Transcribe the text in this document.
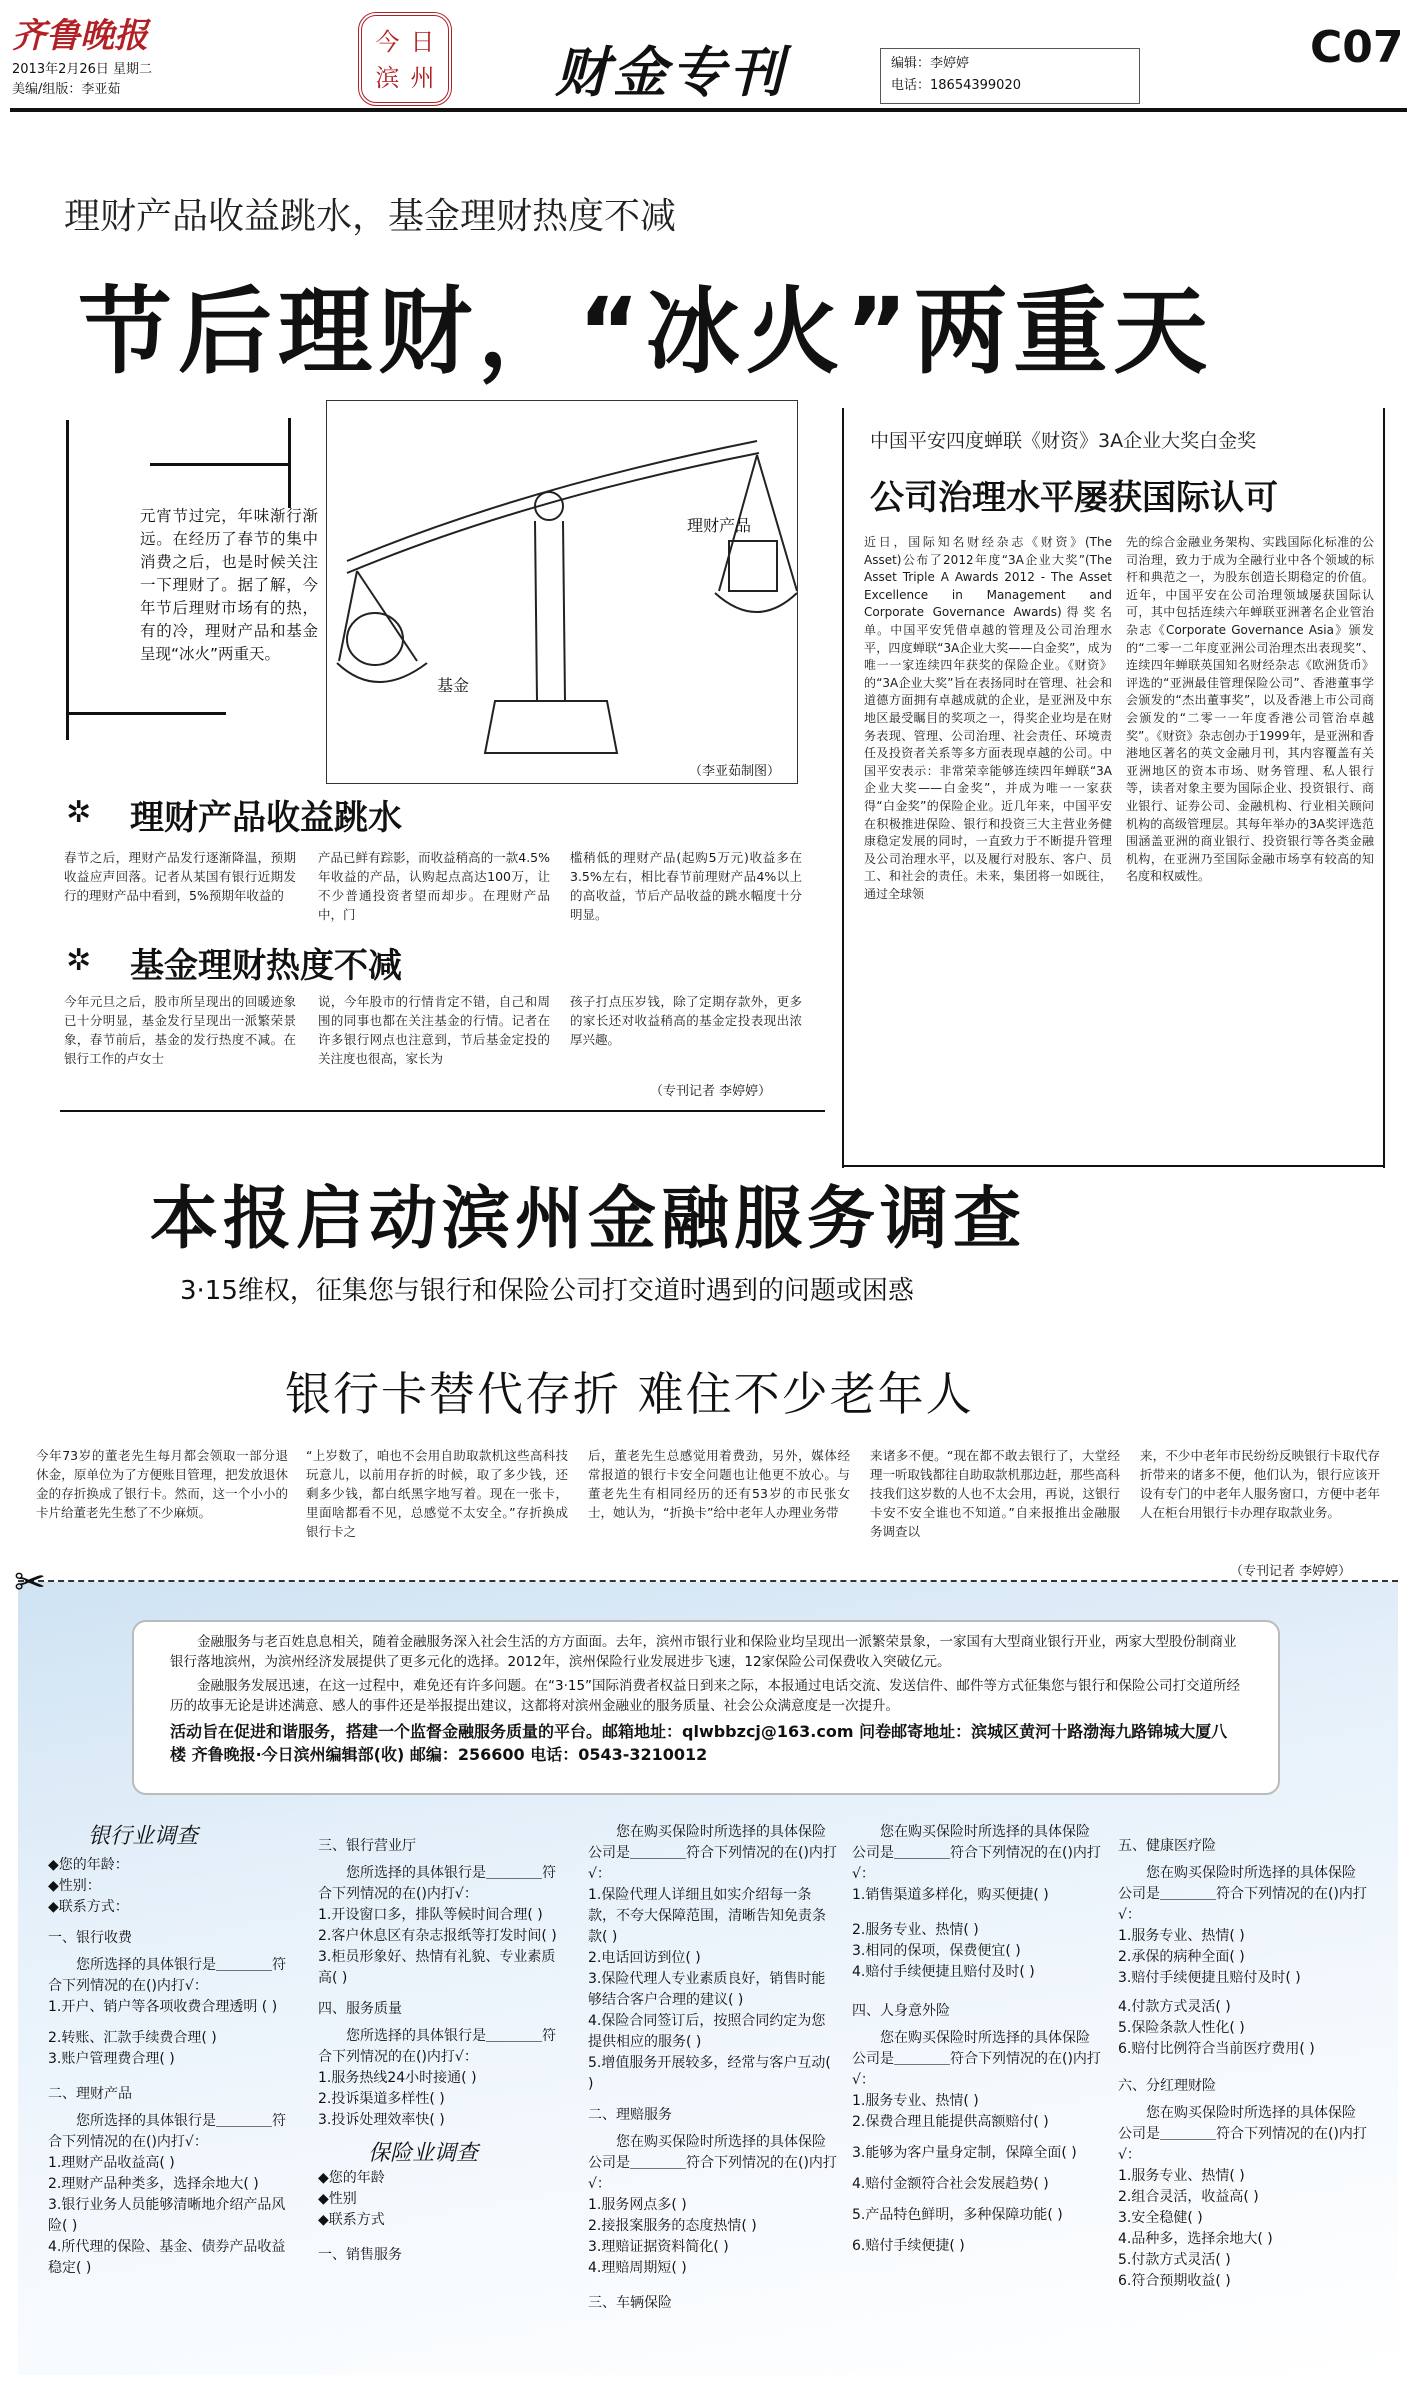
齐鲁晚报
2013年2月26日 星期二
美编/组版：李亚茹
今 日
滨 州 财金专刊	编辑：李婷婷
电话：18654399020
C07
理财产品收益跳水，基金理财热度不减
节后理财，“冰火”两重天
元宵节过完，年味渐行渐远。在经历了春节的集中消费之后，也是时候关注一下理财了。据了解，今年节后理财市场有的热，有的冷，理财产品和基金呈现“冰火”两重天。
理财产品
基金
（李亚茹制图）
✲ 理财产品收益跳水
春节之后，理财产品发行逐渐降温，预期收益应声回落。记者从某国有银行近期发行的理财产品中看到，5%预期年收益的
产品已鲜有踪影，而收益稍高的一款4.5%年收益的产品，认购起点高达100万，让不少普通投资者望而却步。在理财产品中，门
槛稍低的理财产品(起购5万元)收益多在3.5%左右，相比春节前理财产品4%以上的高收益，节后产品收益的跳水幅度十分明显。
✲ 基金理财热度不减
今年元旦之后，股市所呈现出的回暖迹象已十分明显，基金发行呈现出一派繁荣景象，春节前后，基金的发行热度不减。在银行工作的卢女士
说，今年股市的行情肯定不错，自己和周围的同事也都在关注基金的行情。记者在许多银行网点也注意到，节后基金定投的关注度也很高，家长为
孩子打点压岁钱，除了定期存款外，更多的家长还对收益稍高的基金定投表现出浓厚兴趣。
（专刊记者 李婷婷）
中国平安四度蝉联《财资》3A企业大奖白金奖
公司治理水平屡获国际认可
近日，国际知名财经杂志《财资》(The Asset)公布了2012年度“3A企业大奖”(The Asset Triple A Awards 2012 - The Asset Excellence in Management and Corporate Governance Awards)得奖名单。中国平安凭借卓越的管理及公司治理水平，四度蝉联“3A企业大奖——白金奖”，成为唯一一家连续四年获奖的保险企业。《财资》的“3A企业大奖”旨在表扬同时在管理、社会和道德方面拥有卓越成就的企业，是亚洲及中东地区最受瞩目的奖项之一，得奖企业均是在财务表现、管理、公司治理、社会责任、环境责任及投资者关系等多方面表现卓越的公司。中国平安表示：非常荣幸能够连续四年蝉联“3A企业大奖——白金奖”，并成为唯一一家获得“白金奖”的保险企业。近几年来，中国平安在积极推进保险、银行和投资三大主营业务健康稳定发展的同时，一直致力于不断提升管理及公司治理水平，以及履行对股东、客户、员工、和社会的责任。未来，集团将一如既往，通过全球领
先的综合金融业务架构、实践国际化标准的公司治理，致力于成为全融行业中各个领域的标杆和典范之一，为股东创造长期稳定的价值。近年，中国平安在公司治理领域屡获国际认可，其中包括连续六年蝉联亚洲著名企业管治杂志《Corporate Governance Asia》颁发的“二零一二年度亚洲公司治理杰出表现奖”、连续四年蝉联英国知名财经杂志《欧洲货币》评选的“亚洲最佳管理保险公司”、香港董事学会颁发的“杰出董事奖”，以及香港上市公司商会颁发的“二零一一年度香港公司管治卓越奖”。《财资》杂志创办于1999年，是亚洲和香港地区著名的英文金融月刊，其内容覆盖有关亚洲地区的资本市场、财务管理、私人银行等，读者对象主要为国际企业、投资银行、商业银行、证券公司、金融机构、行业相关顾问机构的高级管理层。其每年举办的3A奖评选范围涵盖亚洲的商业银行、投资银行等各类金融机构，在亚洲乃至国际金融市场享有较高的知名度和权威性。
本报启动滨州金融服务调查
3·15维权，征集您与银行和保险公司打交道时遇到的问题或困惑
银行卡替代存折 难住不少老年人
今年73岁的董老先生每月都会领取一部分退休金，原单位为了方便账目管理，把发放退休金的存折换成了银行卡。然而，这一个小小的卡片给董老先生愁了不少麻烦。
“上岁数了，咱也不会用自助取款机这些高科技玩意儿，以前用存折的时候，取了多少钱，还剩多少钱，都白纸黑字地写着。现在一张卡，里面啥都看不见，总感觉不太安全。”存折换成银行卡之
后，董老先生总感觉用着费劲，另外，媒体经常报道的银行卡安全问题也让他更不放心。与董老先生有相同经历的还有53岁的市民张女士，她认为，“折换卡”给中老年人办理业务带
来诸多不便。“现在都不敢去银行了，大堂经理一听取钱都往自助取款机那边赶，那些高科技我们这岁数的人也不太会用，再说，这银行卡安不安全谁也不知道。”自来报推出金融服务调查以
来，不少中老年市民纷纷反映银行卡取代存折带来的诸多不便，他们认为，银行应该开设有专门的中老年人服务窗口，方便中老年人在柜台用银行卡办理存取款业务。
（专刊记者 李婷婷）
✂
金融服务与老百姓息息相关，随着金融服务深入社会生活的方方面面。去年，滨州市银行业和保险业均呈现出一派繁荣景象，一家国有大型商业银行开业，两家大型股份制商业银行落地滨州，为滨州经济发展提供了更多元化的选择。2012年，滨州保险行业发展进步飞速，12家保险公司保费收入突破亿元。
金融服务发展迅速，在这一过程中，难免还有许多问题。在“3·15”国际消费者权益日到来之际，本报通过电话交流、发送信件、邮件等方式征集您与银行和保险公司打交道所经历的故事无论是讲述满意、感人的事件还是举报提出建议，这都将对滨州金融业的服务质量、社会公众满意度是一次提升。
活动旨在促进和谐服务，搭建一个监督金融服务质量的平台。邮箱地址：qlwbbzcj@163.com 问卷邮寄地址：滨城区黄河十路渤海九路锦城大厦八楼 齐鲁晚报·今日滨州编辑部(收) 邮编：256600 电话：0543-3210012
银行业调查
◆您的年龄：
◆性别：
◆联系方式：
一、银行收费
您所选择的具体银行是＿＿＿＿符合下列情况的在()内打√：
1.开户、销户等各项收费合理透明 ( )
2.转账、汇款手续费合理( )
3.账户管理费合理( )
二、理财产品
您所选择的具体银行是＿＿＿＿符合下列情况的在()内打√：
1.理财产品收益高( )
2.理财产品种类多，选择余地大( )
3.银行业务人员能够清晰地介绍产品风险( )
4.所代理的保险、基金、债券产品收益稳定( )
三、银行营业厅
您所选择的具体银行是＿＿＿＿符合下列情况的在()内打√：
1.开设窗口多，排队等候时间合理( )
2.客户休息区有杂志报纸等打发时间( )
3.柜员形象好、热情有礼貌、专业素质高( )
四、服务质量
您所选择的具体银行是＿＿＿＿符合下列情况的在()内打√：
1.服务热线24小时接通( )
2.投诉渠道多样性( )
3.投诉处理效率快( )
保险业调查
◆您的年龄
◆性别
◆联系方式
一、销售服务
您在购买保险时所选择的具体保险公司是＿＿＿＿符合下列情况的在()内打√：
1.保险代理人详细且如实介绍每一条款，不夸大保障范围，清晰告知免责条款( )
2.电话回访到位( )
3.保险代理人专业素质良好，销售时能够结合客户合理的建议( )
4.保险合同签订后，按照合同约定为您提供相应的服务( )
5.增值服务开展较多，经常与客户互动( )
二、理赔服务
您在购买保险时所选择的具体保险公司是＿＿＿＿符合下列情况的在()内打√：
1.服务网点多( )
2.接报案服务的态度热情( )
3.理赔证据资料简化( )
4.理赔周期短( )
三、车辆保险
您在购买保险时所选择的具体保险公司是＿＿＿＿符合下列情况的在()内打√：
1.销售渠道多样化，购买便捷( )
2.服务专业、热情( )
3.相同的保项，保费便宜( )
4.赔付手续便捷且赔付及时( )
四、人身意外险
您在购买保险时所选择的具体保险公司是＿＿＿＿符合下列情况的在()内打√：
1.服务专业、热情( )
2.保费合理且能提供高额赔付( )
3.能够为客户量身定制，保障全面( )
4.赔付金额符合社会发展趋势( )
5.产品特色鲜明，多种保障功能( )
6.赔付手续便捷( )
五、健康医疗险
您在购买保险时所选择的具体保险公司是＿＿＿＿符合下列情况的在()内打√：
1.服务专业、热情( )
2.承保的病种全面( )
3.赔付手续便捷且赔付及时( )
4.付款方式灵活( )
5.保险条款人性化( )
6.赔付比例符合当前医疗费用( )
六、分红理财险
您在购买保险时所选择的具体保险公司是＿＿＿＿符合下列情况的在()内打√：
1.服务专业、热情( )
2.组合灵活，收益高( )
3.安全稳健( )
4.品种多，选择余地大( )
5.付款方式灵活( )
6.符合预期收益( )
